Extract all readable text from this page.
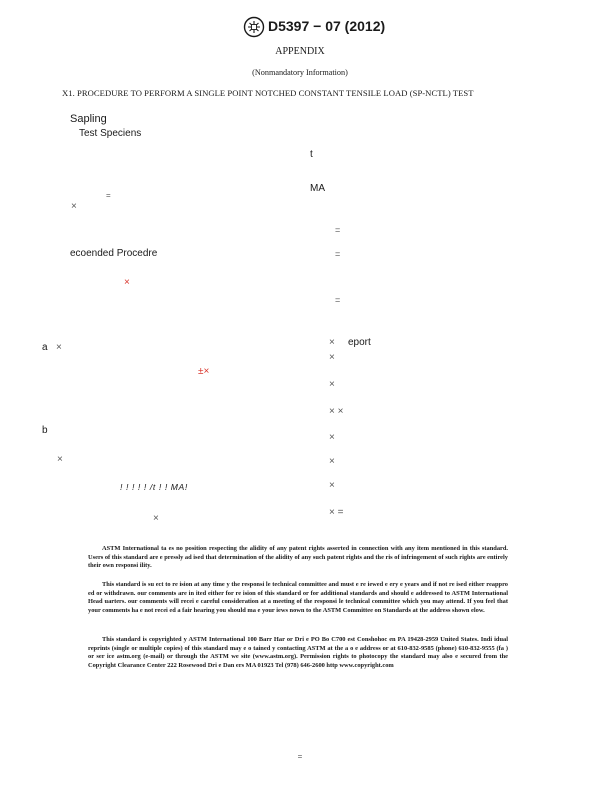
D5397 − 07 (2012)
APPENDIX
(Nonmandatory Information)
X1. PROCEDURE TO PERFORM A SINGLE POINT NOTCHED CONSTANT TENSILE LOAD (SP-NCTL) TEST
Sapling
Test Speciens
=
×
ecoended Procedre
×
a ×
±×
b
×
! ! ! ! ! /t ! ! MA!
×
t
MA
=
=
=
× eport
×
×
× ×
×
×
×
× =
ASTM International ta es no position respecting the alidity of any patent rights asserted in connection with any item mentioned in this standard. Users of this standard are e pressly ad ised that determination of the alidity of any such patent rights and the ris of infringement of such rights are entirely their own responsi ility.
This standard is su ect to re ision at any time y the responsi le technical committee and must e re iewed e ery e years and if not re ised either reappro ed or withdrawn. our comments are in ited either for re ision of this standard or for additional standards and should e addressed to ASTM International Head uarters. our comments will recei e careful consideration at a meeting of the responsi le technical committee which you may attend. If you feel that your comments ha e not recei ed a fair hearing you should ma e your iews nown to the ASTM Committee on Standards at the address shown elow.
This standard is copyrighted y ASTM International 100 Barr Har or Dri e PO Bo C700 est Conshohoc en PA 19428-2959 United States. Indi idual reprints (single or multiple copies) of this standard may e o tained y contacting ASTM at the a o e address or at 610-832-9585 (phone) 610-832-9555 (fa ) or ser ice astm.org (e-mail) or through the ASTM we site (www.astm.org). Permission rights to photocopy the standard may also e secured from the Copyright Clearance Center 222 Rosewood Dri e Dan ers MA 01923 Tel (978) 646-2600 http www.copyright.com
=
